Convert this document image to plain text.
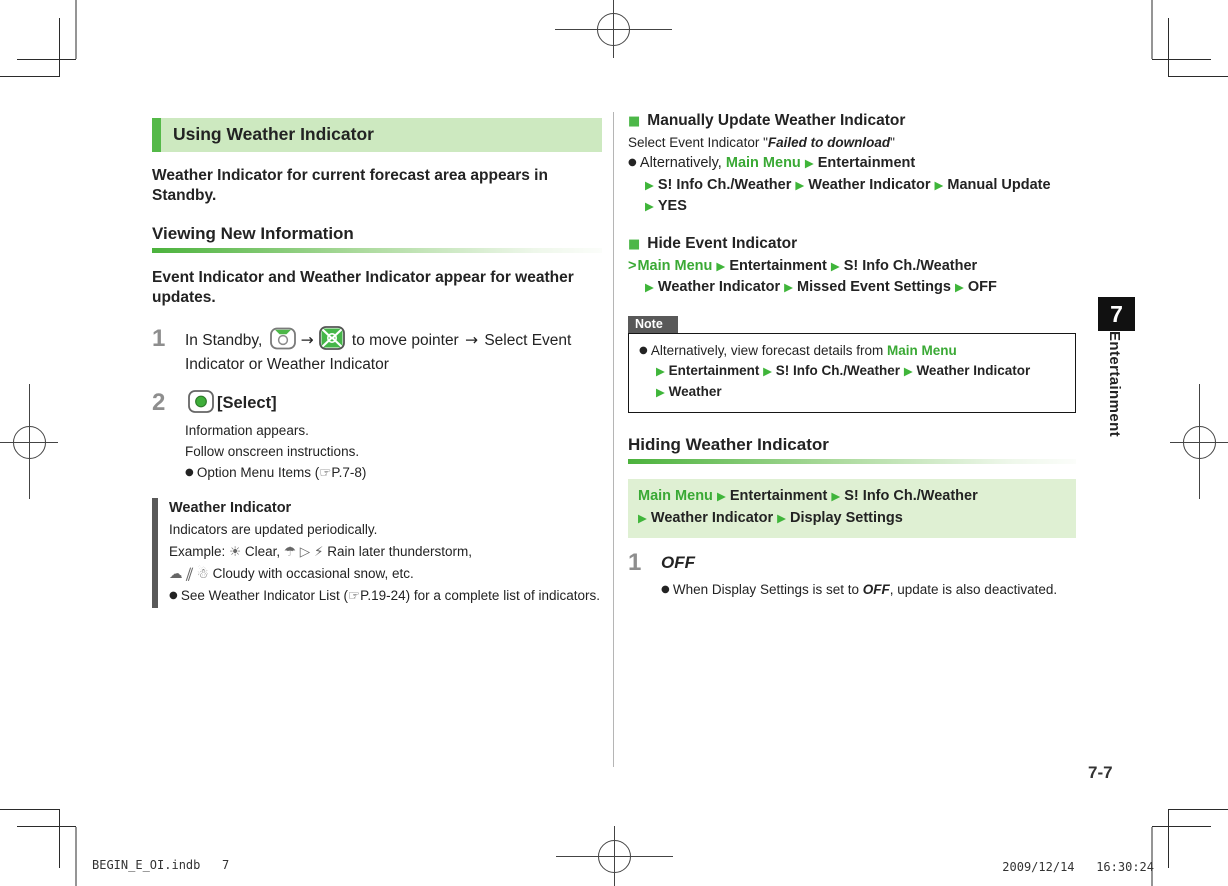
Using Weather Indicator

Weather Indicator for current forecast area appears in Standby.

Viewing New Information

Event Indicator and Weather Indicator appear for weather updates.

1	In Standby, → to move pointer → Select Event Indicator or Weather Indicator
2	[Select]
Information appears.
Follow onscreen instructions.
● Option Menu Items (☞P.7-8)
Weather Indicator
Indicators are updated periodically.
Example: ☀ Clear, ☂ ▷ ⚡ Rain later thunderstorm,
☁ ∥ ☃ Cloudy with occasional snow, etc.
● See Weather Indicator List (☞P.19-24) for a complete list of indicators.
■ Manually Update Weather Indicator
Select Event Indicator "Failed to download"
● Alternatively, Main Menu ▶ Entertainment
▶ S! Info Ch./Weather ▶ Weather Indicator ▶ Manual Update
▶ YES
■ Hide Event Indicator
>Main Menu ▶ Entertainment ▶ S! Info Ch./Weather
▶ Weather Indicator ▶ Missed Event Settings ▶ OFF
Note
● Alternatively, view forecast details from Main Menu
▶ Entertainment ▶ S! Info Ch./Weather ▶ Weather Indicator
▶ Weather
Hiding Weather Indicator
Main Menu ▶ Entertainment ▶ S! Info Ch./Weather
▶ Weather Indicator ▶ Display Settings
1	OFF
● When Display Settings is set to OFF, update is also deactivated.
7
Entertainment
7-7
BEGIN_E_OI.indb   7	2009/12/14   16:30:24
